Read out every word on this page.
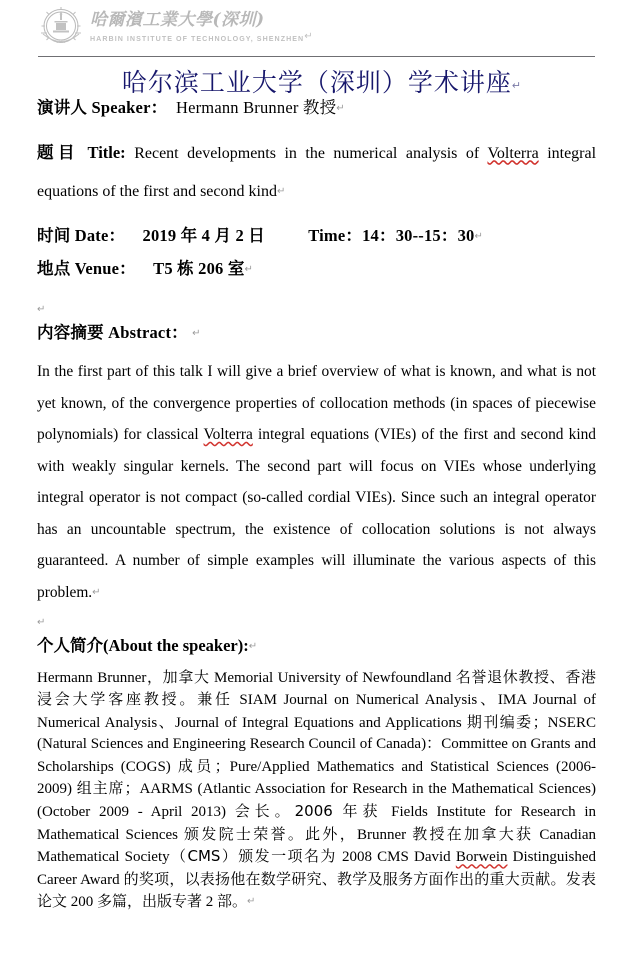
1920
哈爾濱工業大學(深圳)
HARBIN INSTITUTE OF TECHNOLOGY, SHENZHEN↵
哈尔滨工业大学（深圳）学术讲座↵
演讲人 Speaker： Hermann Brunner 教授↵
题目 Title: Recent developments in the numerical analysis of Volterra integral equations of the first and second kind↵
时间 Date： 2019 年 4 月 2 日	Time：14：30--15：30↵
地点 Venue： T5 栋 206 室↵
↵
内容摘要 Abstract： ↵

In the first part of this talk I will give a brief overview of what is known, and what is not yet known, of the convergence properties of collocation methods (in spaces of piecewise polynomials) for classical Volterra integral equations (VIEs) of the first and second kind with weakly singular kernels. The second part will focus on VIEs whose underlying integral operator is not compact (so-called cordial VIEs). Since such an integral operator has an uncountable spectrum, the existence of collocation solutions is not always guaranteed. A number of simple examples will illuminate the various aspects of this problem.↵

↵
个人简介(About the speaker):↵

Hermann Brunner，加拿大 Memorial University of Newfoundland 名誉退休教授、香港浸会大学客座教授。兼任 SIAM Journal on Numerical Analysis、IMA Journal of Numerical Analysis、Journal of Integral Equations and Applications 期刊编委；NSERC (Natural Sciences and Engineering Research Council of Canada)：Committee on Grants and Scholarships (COGS) 成员；Pure/Applied Mathematics and Statistical Sciences (2006-2009) 组主席；AARMS (Atlantic Association for Research in the Mathematical Sciences) (October 2009 - April 2013) 会长。2006 年获 Fields Institute for Research in Mathematical Sciences 颁发院士荣誉。此外，Brunner 教授在加拿大获 Canadian Mathematical Society（CMS）颁发一项名为 2008 CMS David Borwein Distinguished Career Award 的奖项，以表扬他在数学研究、教学及服务方面作出的重大贡献。发表论文 200 多篇，出版专著 2 部。↵
